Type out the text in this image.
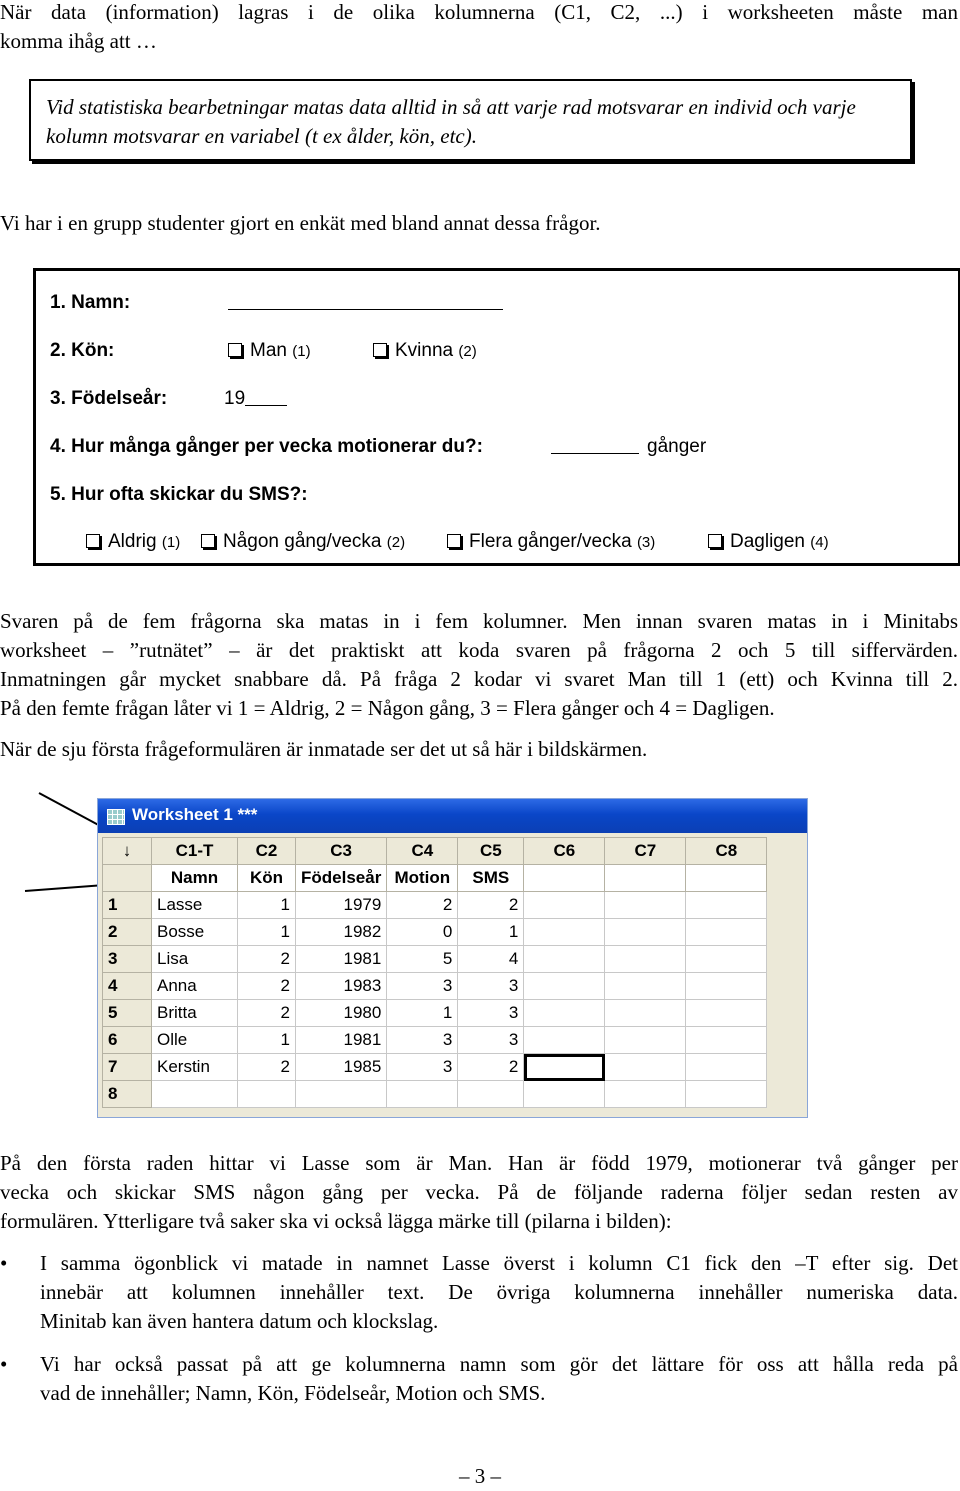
När data (information) lagras i de olika kolumnerna (C1, C2, ...) i worksheeten måste man
komma ihåg att …
Vid statistiska bearbetningar matas data alltid in så att varje rad motsvarar en individ och varje kolumn motsvarar en variabel (t ex ålder, kön, etc).
Vi har i en grupp studenter gjort en enkät med bland annat dessa frågor.
1. Namn:
2. Kön:	Man (1)	Kvinna (2)
3. Födelseår:	19
4. Hur många gånger per vecka motionerar du?:	gånger
5. Hur ofta skickar du SMS?:
Aldrig (1)	Någon gång/vecka (2)	Flera gånger/vecka (3)	Dagligen (4)
Svaren på de fem frågorna ska matas in i fem kolumner. Men innan svaren matas in i Minitabs
worksheet – ”rutnätet” – är det praktiskt att koda svaren på frågorna 2 och 5 till siffervärden.
Inmatningen går mycket snabbare då. På fråga 2 kodar vi svaret Man till 1 (ett) och Kvinna till 2.
På den femte frågan låter vi 1 = Aldrig, 2 = Någon gång, 3 = Flera gånger och 4 = Dagligen.
När de sju första frågeformulären är inmatade ser det ut så här i bildskärmen.
Worksheet 1 ***
↓	C1-T	C2	C3	C4	C5	C6	C7	C8
	Namn	Kön	Födelseår	Motion	SMS			
1	Lasse	1	1979	2	2			
2	Bosse	1	1982	0	1			
3	Lisa	2	1981	5	4			
4	Anna	2	1983	3	3			
5	Britta	2	1980	1	3			
6	Olle	1	1981	3	3			
7	Kerstin	2	1985	3	2			
8								
På den första raden hittar vi Lasse som är Man. Han är född 1979, motionerar två gånger per
vecka och skickar SMS någon gång per vecka. På de följande raderna följer sedan resten av
formulären. Ytterligare två saker ska vi också lägga märke till (pilarna i bilden):
• I samma ögonblick vi matade in namnet Lasse överst i kolumn C1 fick den –T efter sig. Det
innebär att kolumnen innehåller text. De övriga kolumnerna innehåller numeriska data.
Minitab kan även hantera datum och klockslag.
• Vi har också passat på att ge kolumnerna namn som gör det lättare för oss att hålla reda på
vad de innehåller; Namn, Kön, Födelseår, Motion och SMS.
– 3 –
